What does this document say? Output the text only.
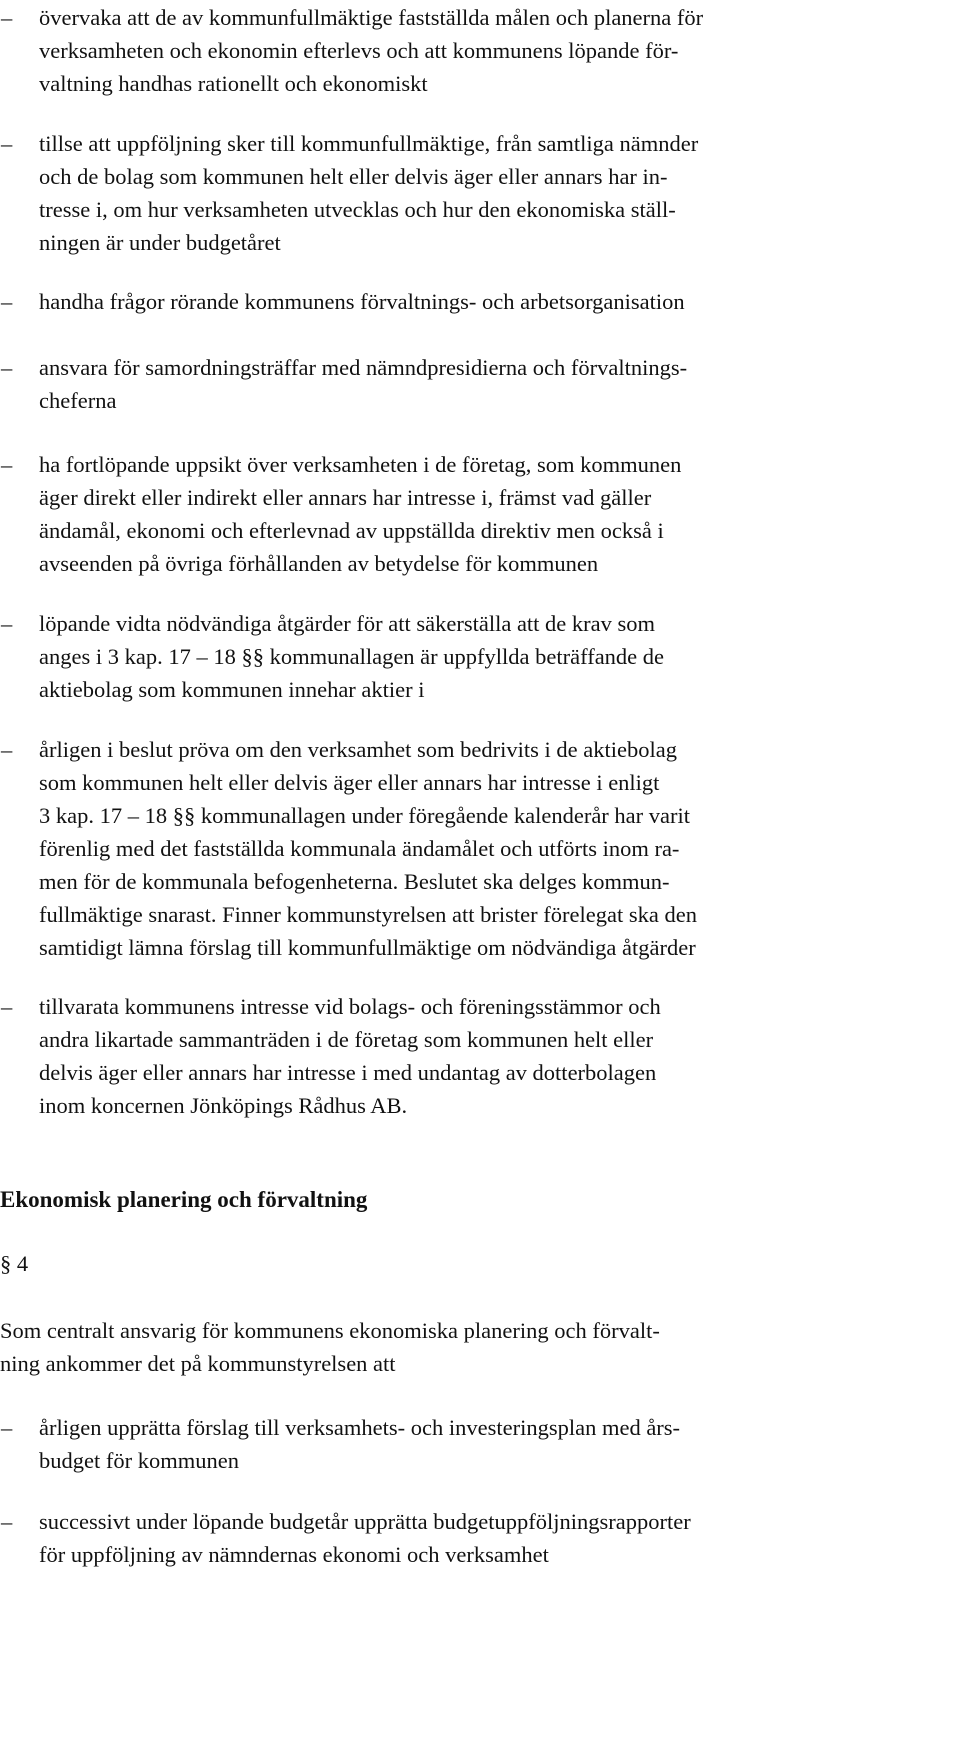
– övervaka att de av kommunfullmäktige fastställda målen och planerna för
verksamheten och ekonomin efterlevs och att kommunens löpande för-
valtning handhas rationellt och ekonomiskt
– tillse att uppföljning sker till kommunfullmäktige, från samtliga nämnder
och de bolag som kommunen helt eller delvis äger eller annars har in-
tresse i, om hur verksamheten utvecklas och hur den ekonomiska ställ-
ningen är under budgetåret
– handha frågor rörande kommunens förvaltnings- och arbetsorganisation
– ansvara för samordningsträffar med nämndpresidierna och förvaltnings-
cheferna
– ha fortlöpande uppsikt över verksamheten i de företag, som kommunen
äger direkt eller indirekt eller annars har intresse i, främst vad gäller
ändamål, ekonomi och efterlevnad av uppställda direktiv men också i
avseenden på övriga förhållanden av betydelse för kommunen
– löpande vidta nödvändiga åtgärder för att säkerställa att de krav som
anges i 3 kap. 17 – 18 §§ kommunallagen är uppfyllda beträffande de
aktiebolag som kommunen innehar aktier i
– årligen i beslut pröva om den verksamhet som bedrivits i de aktiebolag
som kommunen helt eller delvis äger eller annars har intresse i enligt
3 kap. 17 – 18 §§ kommunallagen under föregående kalenderår har varit
förenlig med det fastställda kommunala ändamålet och utförts inom ra-
men för de kommunala befogenheterna. Beslutet ska delges kommun-
fullmäktige snarast. Finner kommunstyrelsen att brister förelegat ska den
samtidigt lämna förslag till kommunfullmäktige om nödvändiga åtgärder
– tillvarata kommunens intresse vid bolags- och föreningsstämmor och
andra likartade sammanträden i de företag som kommunen helt eller
delvis äger eller annars har intresse i med undantag av dotterbolagen
inom koncernen Jönköpings Rådhus AB.
Ekonomisk planering och förvaltning
§ 4
Som centralt ansvarig för kommunens ekonomiska planering och förvalt-
ning ankommer det på kommunstyrelsen att
– årligen upprätta förslag till verksamhets- och investeringsplan med års-
budget för kommunen
– successivt under löpande budgetår upprätta budgetuppföljningsrapporter
för uppföljning av nämndernas ekonomi och verksamhet
